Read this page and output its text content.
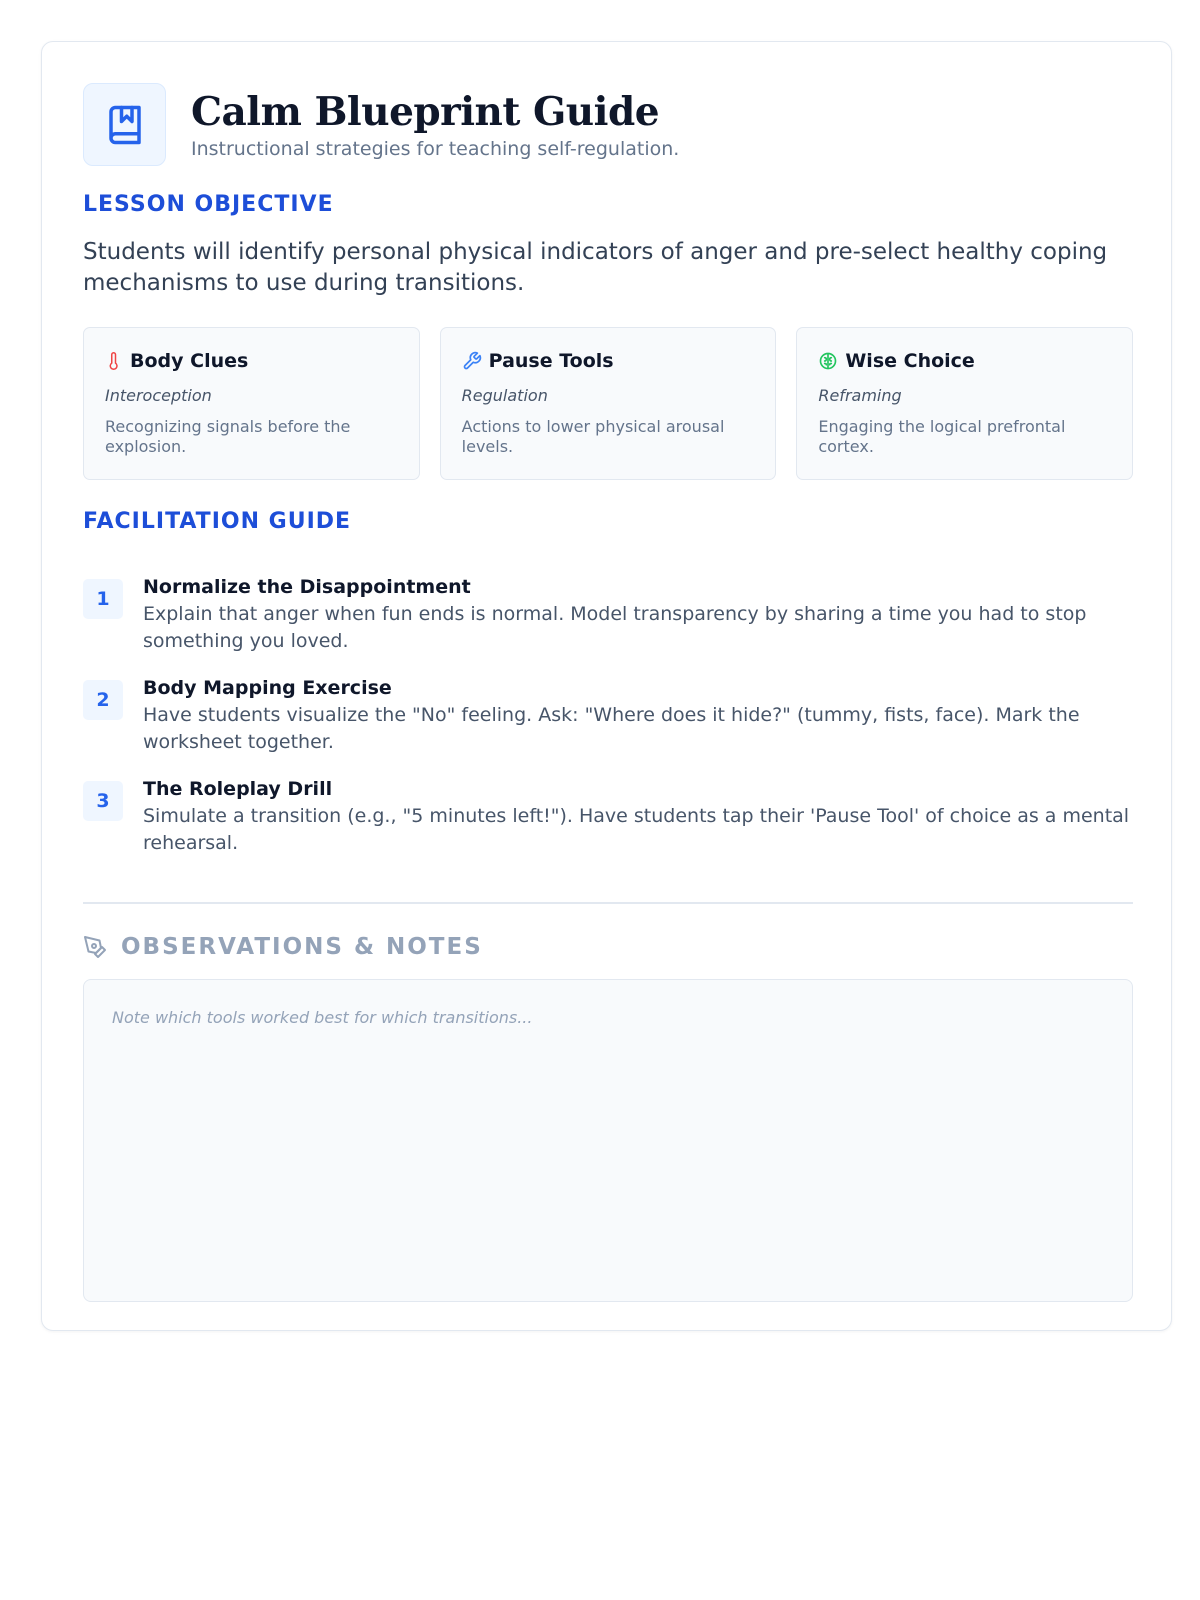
Calm Blueprint Guide
Instructional strategies for teaching self-regulation.
LESSON OBJECTIVE
Students will identify personal physical indicators of anger and pre-select healthy coping mechanisms to use during transitions.
Body Clues
Interoception
Recognizing signals before the explosion.
Pause Tools
Regulation
Actions to lower physical arousal levels.
Wise Choice
Reframing
Engaging the logical prefrontal cortex.
FACILITATION GUIDE
1
Normalize the Disappointment
Explain that anger when fun ends is normal. Model transparency by sharing a time you had to stop something you loved.
2
Body Mapping Exercise
Have students visualize the "No" feeling. Ask: "Where does it hide?" (tummy, fists, face). Mark the worksheet together.
3
The Roleplay Drill
Simulate a transition (e.g., "5 minutes left!"). Have students tap their 'Pause Tool' of choice as a mental rehearsal.
OBSERVATIONS & NOTES
Note which tools worked best for which transitions...
